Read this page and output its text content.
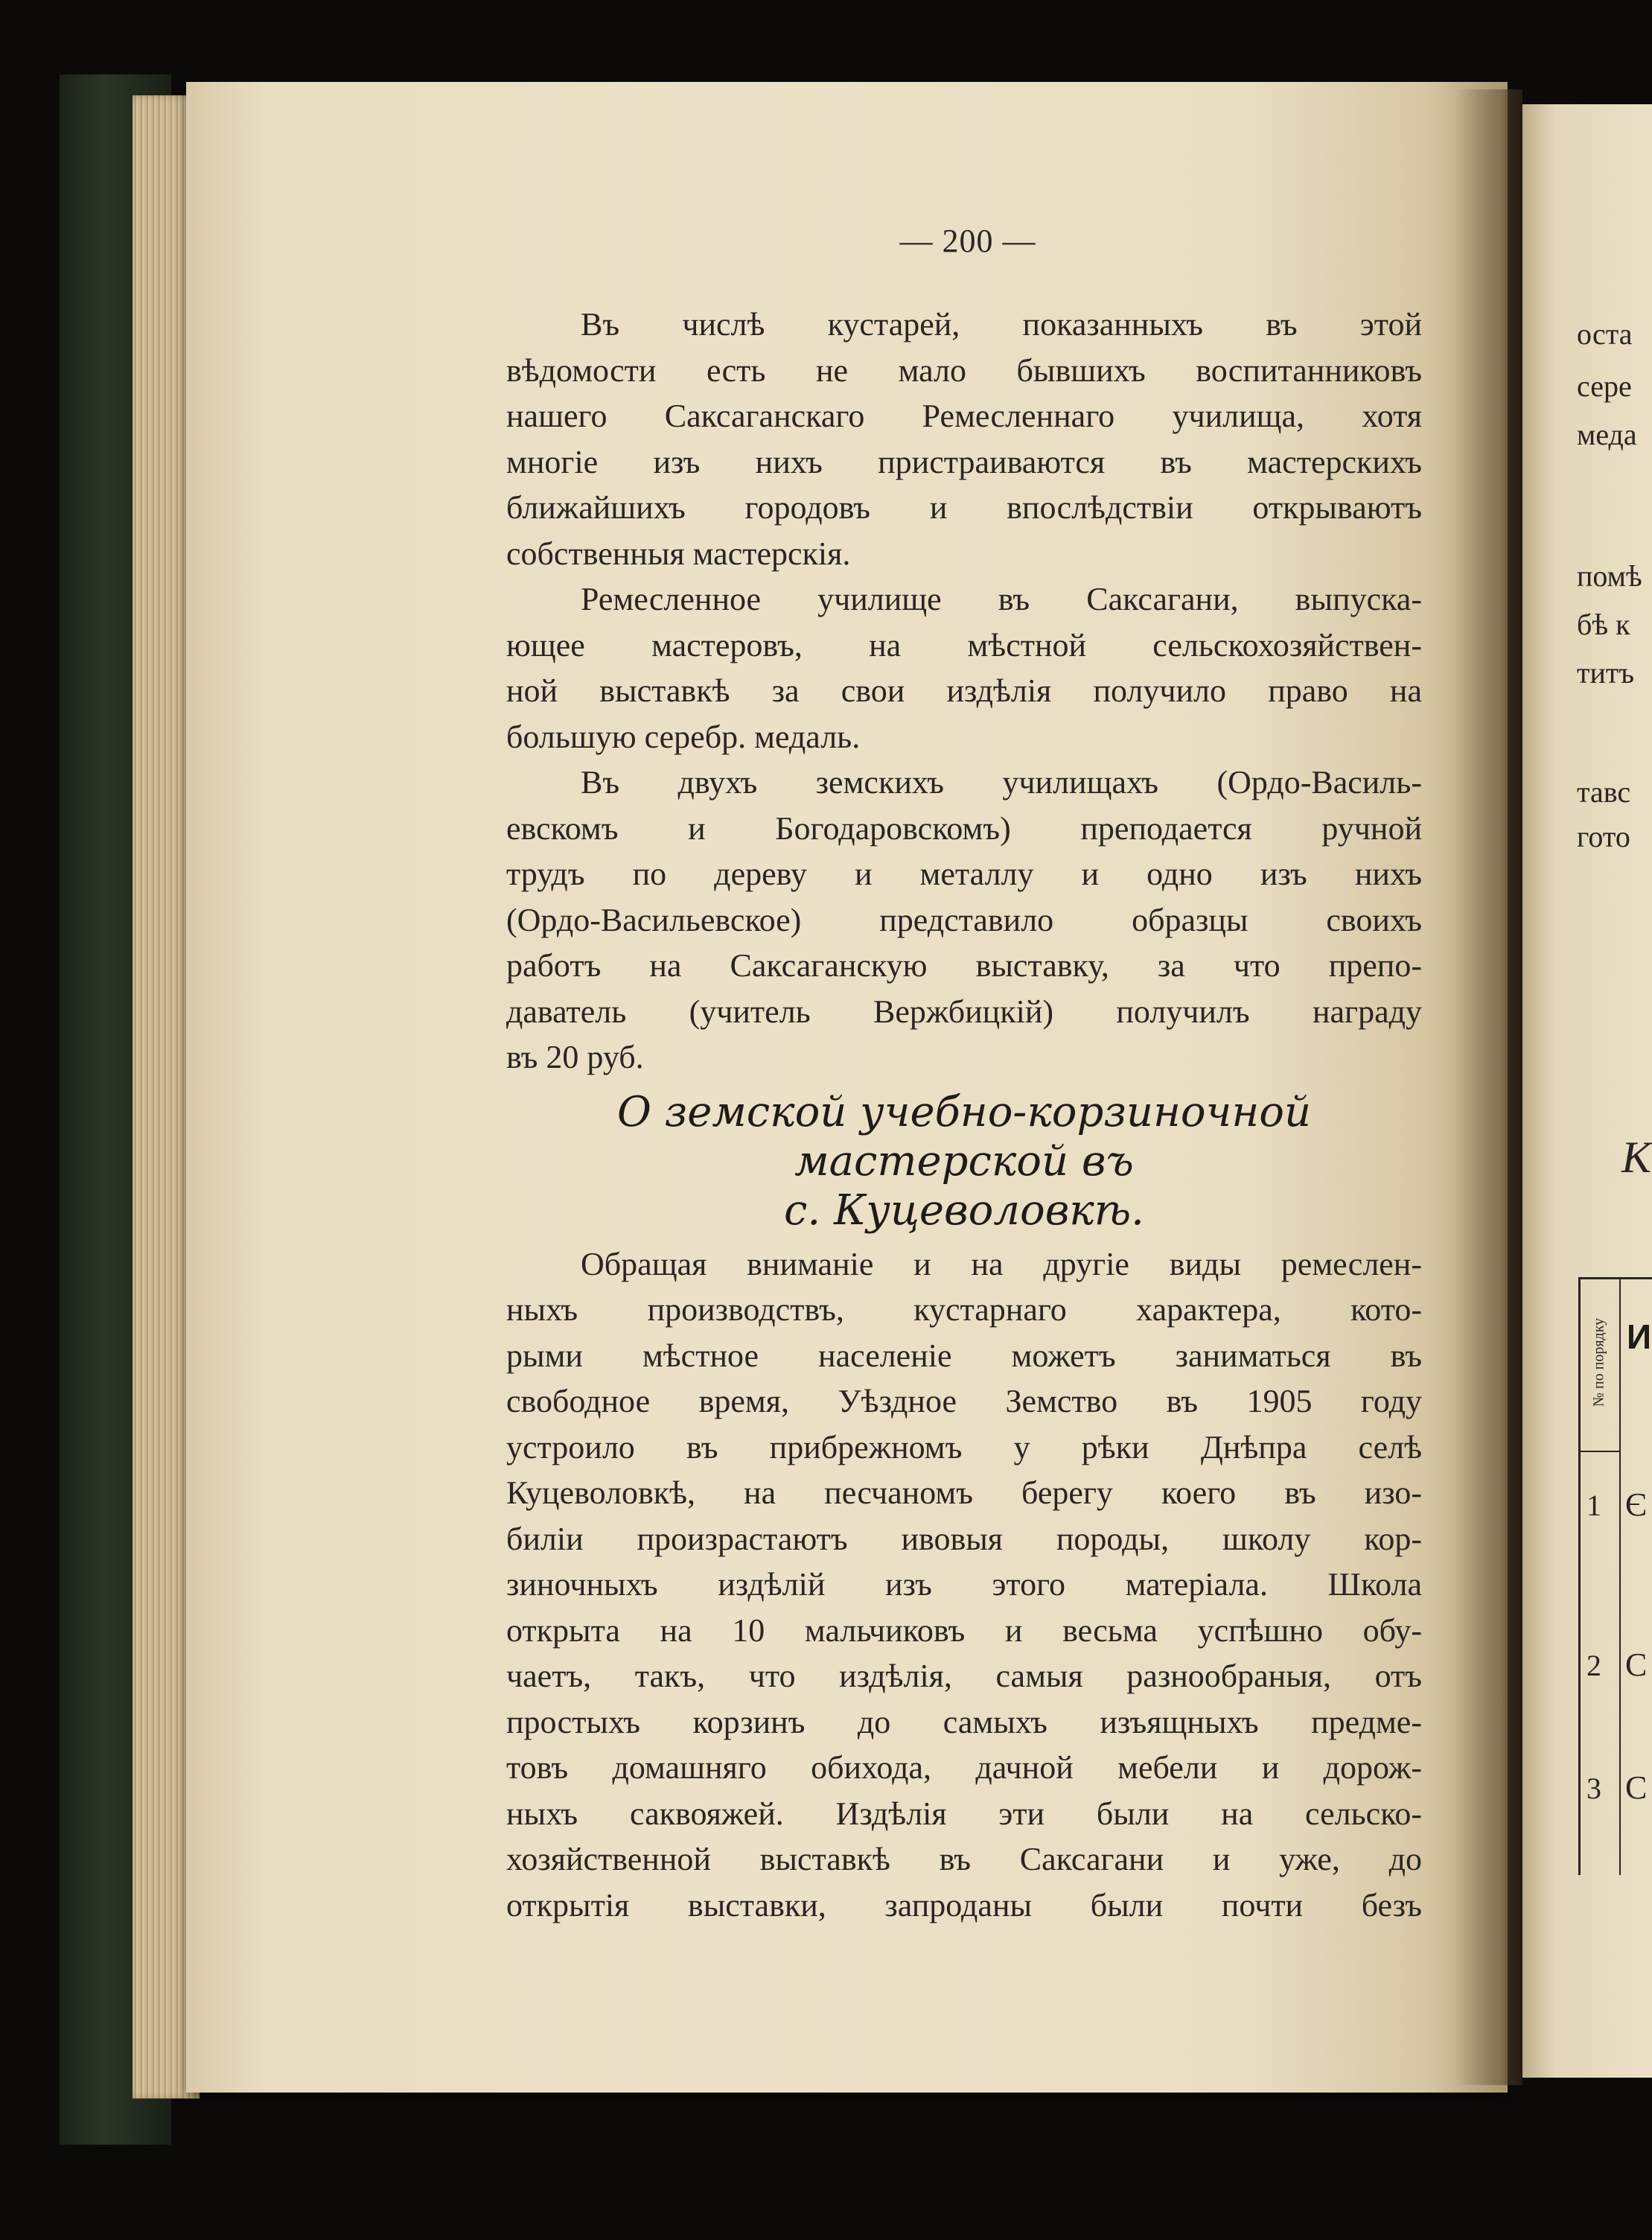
— 200 —
Въ числѣ кустарей, показанныхъ въ этой
вѣдомости есть не мало бывшихъ воспитанниковъ
нашего Саксаганскаго Ремесленнаго училища, хотя
многіе изъ нихъ пристраиваются въ мастерскихъ
ближайшихъ городовъ и впослѣдствіи открываютъ
собственныя мастерскія.
Ремесленное училище въ Саксагани, выпуска-
ющее мастеровъ, на мѣстной сельскохозяйствен-
ной выставкѣ за свои издѣлія получило право на
большую серебр. медаль.
Въ двухъ земскихъ училищахъ (Ордо-Василь-
евскомъ и Богодаровскомъ) преподается ручной
трудъ по дереву и металлу и одно изъ нихъ
(Ордо-Васильевское) представило образцы своихъ
работъ на Саксаганскую выставку, за что препо-
даватель (учитель Вержбицкій) получилъ награду
въ 20 руб.
О земской учебно-корзиночной мастерской въ
с. Куцеволовкѣ.
Обращая вниманіе и на другіе виды ремеслен-
ныхъ производствъ, кустарнаго характера, кото-
рыми мѣстное населеніе можетъ заниматься въ
свободное время, Уѣздное Земство въ 1905 году
устроило въ прибрежномъ у рѣки Днѣпра селѣ
Куцеволовкѣ, на песчаномъ берегу коего въ изо-
биліи произрастаютъ ивовыя породы, школу кор-
зиночныхъ издѣлій изъ этого матеріала. Школа
открыта на 10 мальчиковъ и весьма успѣшно обу-
чаетъ, такъ, что издѣлія, самыя разнообраныя, отъ
простыхъ корзинъ до самыхъ изъящныхъ предме-
товъ домашняго обихода, дачной мебели и дорож-
ныхъ саквояжей. Издѣлія эти были на сельско-
хозяйственной выставкѣ въ Саксагани и уже, до
открытія выставки, запроданы были почти безъ
оста
сере
меда
помѣ
бѣ к
титъ
тавс
гото
К
№ по порядку И
1 Є
2 С
3 С
